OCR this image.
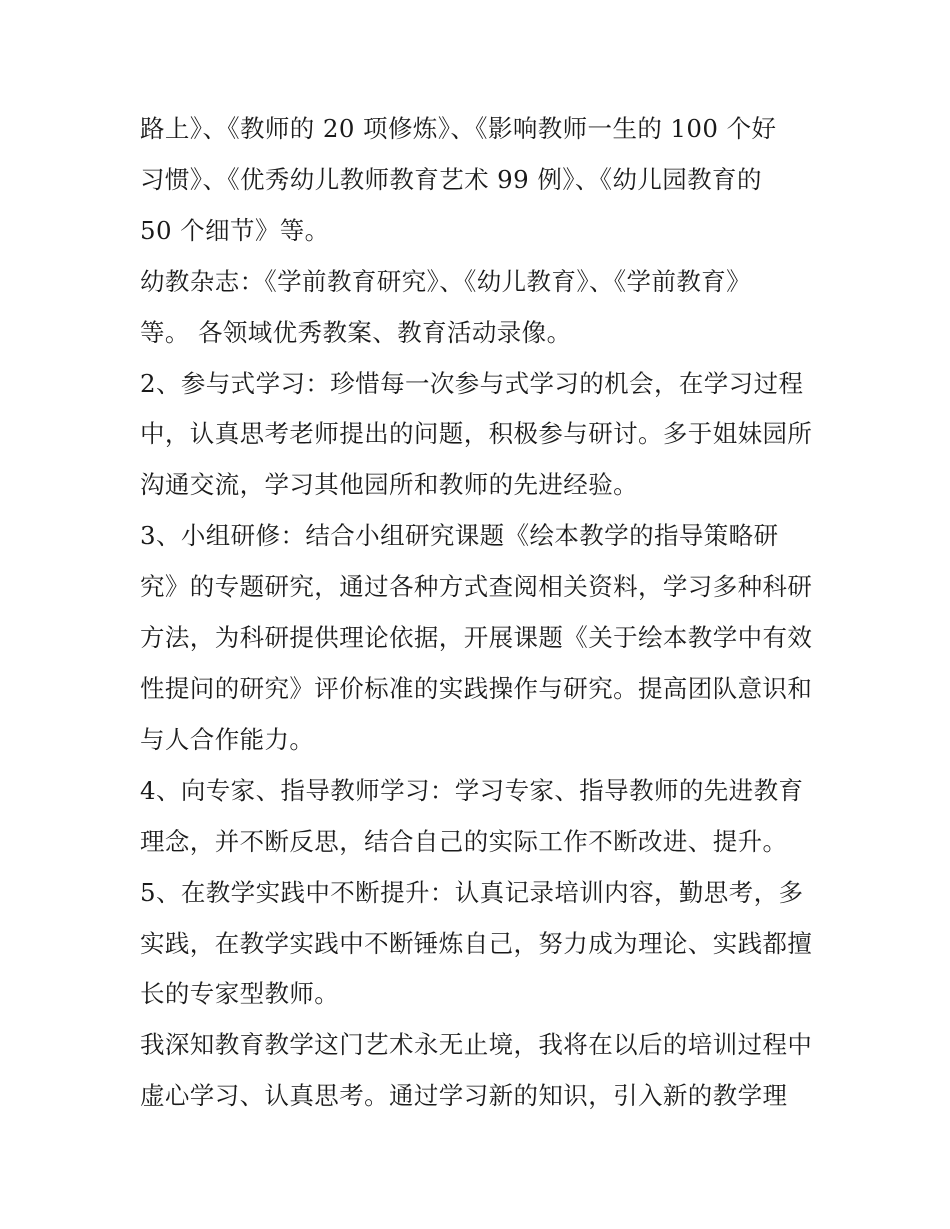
路上》、《教师的 20 项修炼》、《影响教师一生的 100 个好

习惯》、《优秀幼儿教师教育艺术 99 例》、《幼儿园教育的

50 个细节》等。

幼教杂志：《学前教育研究》、《幼儿教育》、《学前教育》

等。 各领域优秀教案、教育活动录像。

2、参与式学习：珍惜每一次参与式学习的机会，在学习过程

中，认真思考老师提出的问题，积极参与研讨。多于姐妹园所

沟通交流，学习其他园所和教师的先进经验。

3、小组研修：结合小组研究课题《绘本教学的指导策略研

究》的专题研究，通过各种方式查阅相关资料，学习多种科研

方法，为科研提供理论依据，开展课题《关于绘本教学中有效

性提问的研究》评价标准的实践操作与研究。提高团队意识和

与人合作能力。

4、向专家、指导教师学习：学习专家、指导教师的先进教育

理念，并不断反思，结合自己的实际工作不断改进、提升。

5、在教学实践中不断提升：认真记录培训内容，勤思考，多

实践，在教学实践中不断锤炼自己，努力成为理论、实践都擅

长的专家型教师。

我深知教育教学这门艺术永无止境，我将在以后的培训过程中

虚心学习、认真思考。通过学习新的知识，引入新的教学理
